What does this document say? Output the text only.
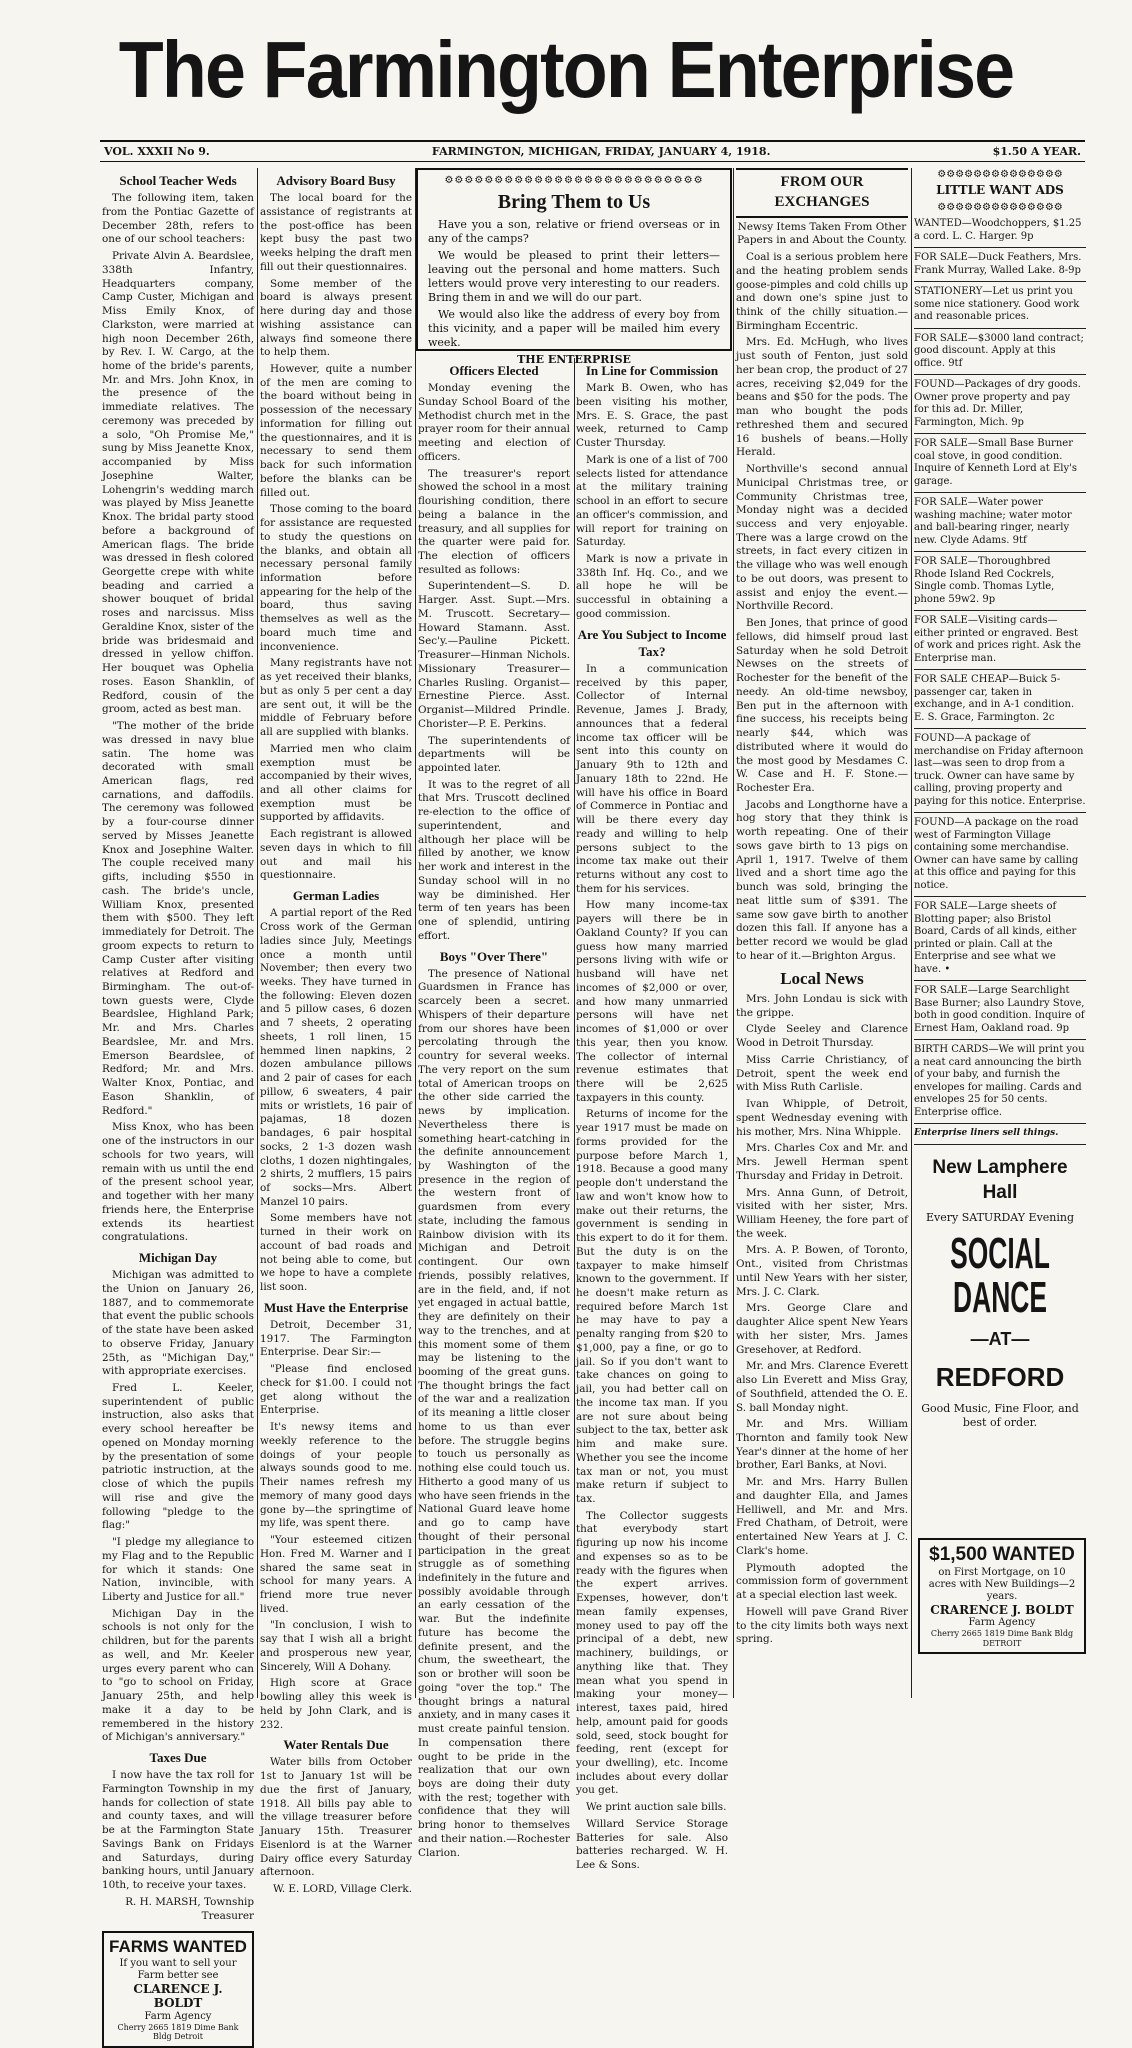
The Farmington Enterprise
VOL. XXXII No 9.	FARMINGTON, MICHIGAN, FRIDAY, JANUARY 4, 1918.	$1.50 A YEAR.
School Teacher Weds

The following item, taken from the Pontiac Gazette of December 28th, refers to one of our school teachers:

Private Alvin A. Beardslee, 338th Infantry, Headquarters company, Camp Custer, Michigan and Miss Emily Knox, of Clarkston, were married at high noon December 26th, by Rev. I. W. Cargo, at the home of the bride's parents, Mr. and Mrs. John Knox, in the presence of the immediate relatives. The ceremony was preceded by a solo, "Oh Promise Me," sung by Miss Jeanette Knox, accompanied by Miss Josephine Walter, Lohengrin's wedding march was played by Miss Jeanette Knox. The bridal party stood before a background of American flags. The bride was dressed in flesh colored Georgette crepe with white beading and carried a shower bouquet of bridal roses and narcissus. Miss Geraldine Knox, sister of the bride was bridesmaid and dressed in yellow chiffon. Her bouquet was Ophelia roses. Eason Shanklin, of Redford, cousin of the groom, acted as best man.

"The mother of the bride was dressed in navy blue satin. The home was decorated with small American flags, red carnations, and daffodils. The ceremony was followed by a four-course dinner served by Misses Jeanette Knox and Josephine Walter. The couple received many gifts, including $550 in cash. The bride's uncle, William Knox, presented them with $500. They left immediately for Detroit. The groom expects to return to Camp Custer after visiting relatives at Redford and Birmingham. The out-of-town guests were, Clyde Beardslee, Highland Park; Mr. and Mrs. Charles Beardslee, Mr. and Mrs. Emerson Beardslee, of Redford; Mr. and Mrs. Walter Knox, Pontiac, and Eason Shanklin, of Redford."

Miss Knox, who has been one of the instructors in our schools for two years, will remain with us until the end of the present school year, and together with her many friends here, the Enterprise extends its heartiest congratulations.

Michigan Day

Michigan was admitted to the Union on January 26, 1887, and to commemorate that event the public schools of the state have been asked to observe Friday, January 25th, as "Michigan Day," with appropriate exercises.

Fred L. Keeler, superintendent of public instruction, also asks that every school hereafter be opened on Monday morning by the presentation of some patriotic instruction, at the close of which the pupils will rise and give the following "pledge to the flag:"

"I pledge my allegiance to my Flag and to the Republic for which it stands: One Nation, invincible, with Liberty and Justice for all."

Michigan Day in the schools is not only for the children, but for the parents as well, and Mr. Keeler urges every parent who can to "go to school on Friday, January 25th, and help make it a day to be remembered in the history of Michigan's anniversary."

Taxes Due

I now have the tax roll for Farmington Township in my hands for collection of state and county taxes, and will be at the Farmington State Savings Bank on Fridays and Saturdays, during banking hours, until January 10th, to receive your taxes.

R. H. MARSH, Township Treasurer

FARMS WANTED
If you want to sell your Farm better see
CLARENCE J. BOLDT
Farm Agency
Cherry 2665 1819 Dime Bank Bldg Detroit
Advisory Board Busy

The local board for the assistance of registrants at the post-office has been kept busy the past two weeks helping the draft men fill out their questionnaires.

Some member of the board is always present here during day and those wishing assistance can always find someone there to help them.

However, quite a number of the men are coming to the board without being in possession of the necessary information for filling out the questionnaires, and it is necessary to send them back for such information before the blanks can be filled out.

Those coming to the board for assistance are requested to study the questions on the blanks, and obtain all necessary personal family information before appearing for the help of the board, thus saving themselves as well as the board much time and inconvenience.

Many registrants have not as yet received their blanks, but as only 5 per cent a day are sent out, it will be the middle of February before all are supplied with blanks.

Married men who claim exemption must be accompanied by their wives, and all other claims for exemption must be supported by affidavits.

Each registrant is allowed seven days in which to fill out and mail his questionnaire.

German Ladies

A partial report of the Red Cross work of the German ladies since July, Meetings once a month until November; then every two weeks. They have turned in the following: Eleven dozen and 5 pillow cases, 6 dozen and 7 sheets, 2 operating sheets, 1 roll linen, 15 hemmed linen napkins, 2 dozen ambulance pillows and 2 pair of cases for each pillow, 6 sweaters, 4 pair mits or wristlets, 16 pair of pajamas, 18 dozen bandages, 6 pair hospital socks, 2 1-3 dozen wash cloths, 1 dozen nightingales, 2 shirts, 2 mufflers, 15 pairs of socks—Mrs. Albert Manzel 10 pairs.

Some members have not turned in their work on account of bad roads and not being able to come, but we hope to have a complete list soon.

Must Have the Enterprise

Detroit, December 31, 1917. The Farmington Enterprise. Dear Sir:—

"Please find enclosed check for $1.00. I could not get along without the Enterprise.

It's newsy items and weekly reference to the doings of your people always sounds good to me. Their names refresh my memory of many good days gone by—the springtime of my life, was spent there.

"Your esteemed citizen Hon. Fred M. Warner and I shared the same seat in school for many years. A friend more true never lived.

"In conclusion, I wish to say that I wish all a bright and prosperous new year, Sincerely, Will A Dohany.

High score at Grace bowling alley this week is held by John Clark, and is 232.

Water Rentals Due

Water bills from October 1st to January 1st will be due the first of January, 1918. All bills pay able to the village treasurer before January 15th. Treasurer Eisenlord is at the Warner Dairy office every Saturday afternoon.

W. E. LORD, Village Clerk.

⚙⚙⚙⚙⚙⚙⚙⚙⚙⚙⚙⚙⚙⚙⚙⚙⚙⚙⚙⚙⚙⚙⚙⚙⚙⚙
Bring Them to Us

Have you a son, relative or friend overseas or in any of the camps?

We would be pleased to print their letters—leaving out the personal and home matters. Such letters would prove very interesting to our readers. Bring them in and we will do our part.

We would also like the address of every boy from this vicinity, and a paper will be mailed him every week.

THE ENTERPRISE
Officers Elected

Monday evening the Sunday School Board of the Methodist church met in the prayer room for their annual meeting and election of officers.

The treasurer's report showed the school in a most flourishing condition, there being a balance in the treasury, and all supplies for the quarter were paid for. The election of officers resulted as follows:

Superintendent—S. D. Harger. Asst. Supt.—Mrs. M. Truscott. Secretary—Howard Stamann. Asst. Sec'y.—Pauline Pickett. Treasurer—Hinman Nichols. Missionary Treasurer—Charles Rusling. Organist—Ernestine Pierce. Asst. Organist—Mildred Prindle. Chorister—P. E. Perkins.

The superintendents of departments will be appointed later.

It was to the regret of all that Mrs. Truscott declined re-election to the office of superintendent, and although her place will be filled by another, we know her work and interest in the Sunday school will in no way be diminished. Her term of ten years has been one of splendid, untiring effort.

Boys "Over There"

The presence of National Guardsmen in France has scarcely been a secret. Whispers of their departure from our shores have been percolating through the country for several weeks. The very report on the sum total of American troops on the other side carried the news by implication. Nevertheless there is something heart-catching in the definite announcement by Washington of the presence in the region of the western front of guardsmen from every state, including the famous Rainbow division with its Michigan and Detroit contingent. Our own friends, possibly relatives, are in the field, and, if not yet engaged in actual battle, they are definitely on their way to the trenches, and at this moment some of them may be listening to the booming of the great guns. The thought brings the fact of the war and a realization of its meaning a little closer home to us than ever before. The struggle begins to touch us personally as nothing else could touch us. Hitherto a good many of us who have seen friends in the National Guard leave home and go to camp have thought of their personal participation in the great struggle as of something indefinitely in the future and possibly avoidable through an early cessation of the war. But the indefinite future has become the definite present, and the chum, the sweetheart, the son or brother will soon be going "over the top." The thought brings a natural anxiety, and in many cases it must create painful tension. In compensation there ought to be pride in the realization that our own boys are doing their duty with the rest; together with confidence that they will bring honor to themselves and their nation.—Rochester Clarion.

In Line for Commission

Mark B. Owen, who has been visiting his mother, Mrs. E. S. Grace, the past week, returned to Camp Custer Thursday.

Mark is one of a list of 700 selects listed for attendance at the military training school in an effort to secure an officer's commission, and will report for training on Saturday.

Mark is now a private in 338th Inf. Hq. Co., and we all hope he will be successful in obtaining a good commission.

Are You Subject to Income Tax?

In a communication received by this paper, Collector of Internal Revenue, James J. Brady, announces that a federal income tax officer will be sent into this county on January 9th to 12th and January 18th to 22nd. He will have his office in Board of Commerce in Pontiac and will be there every day ready and willing to help persons subject to the income tax make out their returns without any cost to them for his services.

How many income-tax payers will there be in Oakland County? If you can guess how many married persons living with wife or husband will have net incomes of $2,000 or over, and how many unmarried persons will have net incomes of $1,000 or over this year, then you know. The collector of internal revenue estimates that there will be 2,625 taxpayers in this county.

Returns of income for the year 1917 must be made on forms provided for the purpose before March 1, 1918. Because a good many people don't understand the law and won't know how to make out their returns, the government is sending in this expert to do it for them. But the duty is on the taxpayer to make himself known to the government. If he doesn't make return as required before March 1st he may have to pay a penalty ranging from $20 to $1,000, pay a fine, or go to jail. So if you don't want to take chances on going to jail, you had better call on the income tax man. If you are not sure about being subject to the tax, better ask him and make sure. Whether you see the income tax man or not, you must make return if subject to tax.

The Collector suggests that everybody start figuring up now his income and expenses so as to be ready with the figures when the expert arrives. Expenses, however, don't mean family expenses, money used to pay off the principal of a debt, new machinery, buildings, or anything like that. They mean what you spend in making your money—interest, taxes paid, hired help, amount paid for goods sold, seed, stock bought for feeding, rent (except for your dwelling), etc. Income includes about every dollar you get.

We print auction sale bills.

Willard Service Storage Batteries for sale. Also batteries recharged. W. H. Lee & Sons.

FROM OUR EXCHANGES

Newsy Items Taken From Other Papers in and About the County.

Coal is a serious problem here and the heating problem sends goose-pimples and cold chills up and down one's spine just to think of the chilly situation.—Birmingham Eccentric.

Mrs. Ed. McHugh, who lives just south of Fenton, just sold her bean crop, the product of 27 acres, receiving $2,049 for the beans and $50 for the pods. The man who bought the pods rethreshed them and secured 16 bushels of beans.—Holly Herald.

Northville's second annual Municipal Christmas tree, or Community Christmas tree, Monday night was a decided success and very enjoyable. There was a large crowd on the streets, in fact every citizen in the village who was well enough to be out doors, was present to assist and enjoy the event.—Northville Record.

Ben Jones, that prince of good fellows, did himself proud last Saturday when he sold Detroit Newses on the streets of Rochester for the benefit of the needy. An old-time newsboy, Ben put in the afternoon with fine success, his receipts being nearly $44, which was distributed where it would do the most good by Mesdames C. W. Case and H. F. Stone.—Rochester Era.

Jacobs and Longthorne have a hog story that they think is worth repeating. One of their sows gave birth to 13 pigs on April 1, 1917. Twelve of them lived and a short time ago the bunch was sold, bringing the neat little sum of $391. The same sow gave birth to another dozen this fall. If anyone has a better record we would be glad to hear of it.—Brighton Argus.

Local News

Mrs. John Londau is sick with the grippe.

Clyde Seeley and Clarence Wood in Detroit Thursday.

Miss Carrie Christiancy, of Detroit, spent the week end with Miss Ruth Carlisle.

Ivan Whipple, of Detroit, spent Wednesday evening with his mother, Mrs. Nina Whipple.

Mrs. Charles Cox and Mr. and Mrs. Jewell Herman spent Thursday and Friday in Detroit.

Mrs. Anna Gunn, of Detroit, visited with her sister, Mrs. William Heeney, the fore part of the week.

Mrs. A. P. Bowen, of Toronto, Ont., visited from Christmas until New Years with her sister, Mrs. J. C. Clark.

Mrs. George Clare and daughter Alice spent New Years with her sister, Mrs. James Gresehover, at Redford.

Mr. and Mrs. Clarence Everett also Lin Everett and Miss Gray, of Southfield, attended the O. E. S. ball Monday night.

Mr. and Mrs. William Thornton and family took New Year's dinner at the home of her brother, Earl Banks, at Novi.

Mr. and Mrs. Harry Bullen and daughter Ella, and James Helliwell, and Mr. and Mrs. Fred Chatham, of Detroit, were entertained New Years at J. C. Clark's home.

Plymouth adopted the commission form of government at a special election last week.

Howell will pave Grand River to the city limits both ways next spring.

⚙⚙⚙⚙⚙⚙⚙⚙⚙⚙⚙⚙⚙⚙
LITTLE WANT ADS
⚙⚙⚙⚙⚙⚙⚙⚙⚙⚙⚙⚙⚙⚙
WANTED—Woodchoppers, $1.25 a cord. L. C. Harger. 9p
FOR SALE—Duck Feathers, Mrs. Frank Murray, Walled Lake. 8-9p
STATIONERY—Let us print you some nice stationery. Good work and reasonable prices.
FOR SALE—$3000 land contract; good discount. Apply at this office. 9tf
FOUND—Packages of dry goods. Owner prove property and pay for this ad. Dr. Miller, Farmington, Mich. 9p
FOR SALE—Small Base Burner coal stove, in good condition. Inquire of Kenneth Lord at Ely's garage.
FOR SALE—Water power washing machine; water motor and ball-bearing ringer, nearly new. Clyde Adams. 9tf
FOR SALE—Thoroughbred Rhode Island Red Cockrels, Single comb. Thomas Lytle, phone 59w2. 9p
FOR SALE—Visiting cards—either printed or engraved. Best of work and prices right. Ask the Enterprise man.
FOR SALE CHEAP—Buick 5-passenger car, taken in exchange, and in A-1 condition. E. S. Grace, Farmington. 2c
FOUND—A package of merchandise on Friday afternoon last—was seen to drop from a truck. Owner can have same by calling, proving property and paying for this notice. Enterprise.
FOUND—A package on the road west of Farmington Village containing some merchandise. Owner can have same by calling at this office and paying for this notice.
FOR SALE—Large sheets of Blotting paper; also Bristol Board, Cards of all kinds, either printed or plain. Call at the Enterprise and see what we have. •
FOR SALE—Large Searchlight Base Burner; also Laundry Stove, both in good condition. Inquire of Ernest Ham, Oakland road. 9p
BIRTH CARDS—We will print you a neat card announcing the birth of your baby, and furnish the envelopes for mailing. Cards and envelopes 25 for 50 cents. Enterprise office.
Enterprise liners sell things.
New Lamphere Hall
Every SATURDAY Evening
SOCIAL DANCE
—AT—
REDFORD
Good Music, Fine Floor, and best of order.
$1,500 WANTED
on First Mortgage, on 10 acres with New Buildings—2 years.
CRARENCE J. BOLDT
Farm Agency
Cherry 2665 1819 Dime Bank Bldg DETROIT
